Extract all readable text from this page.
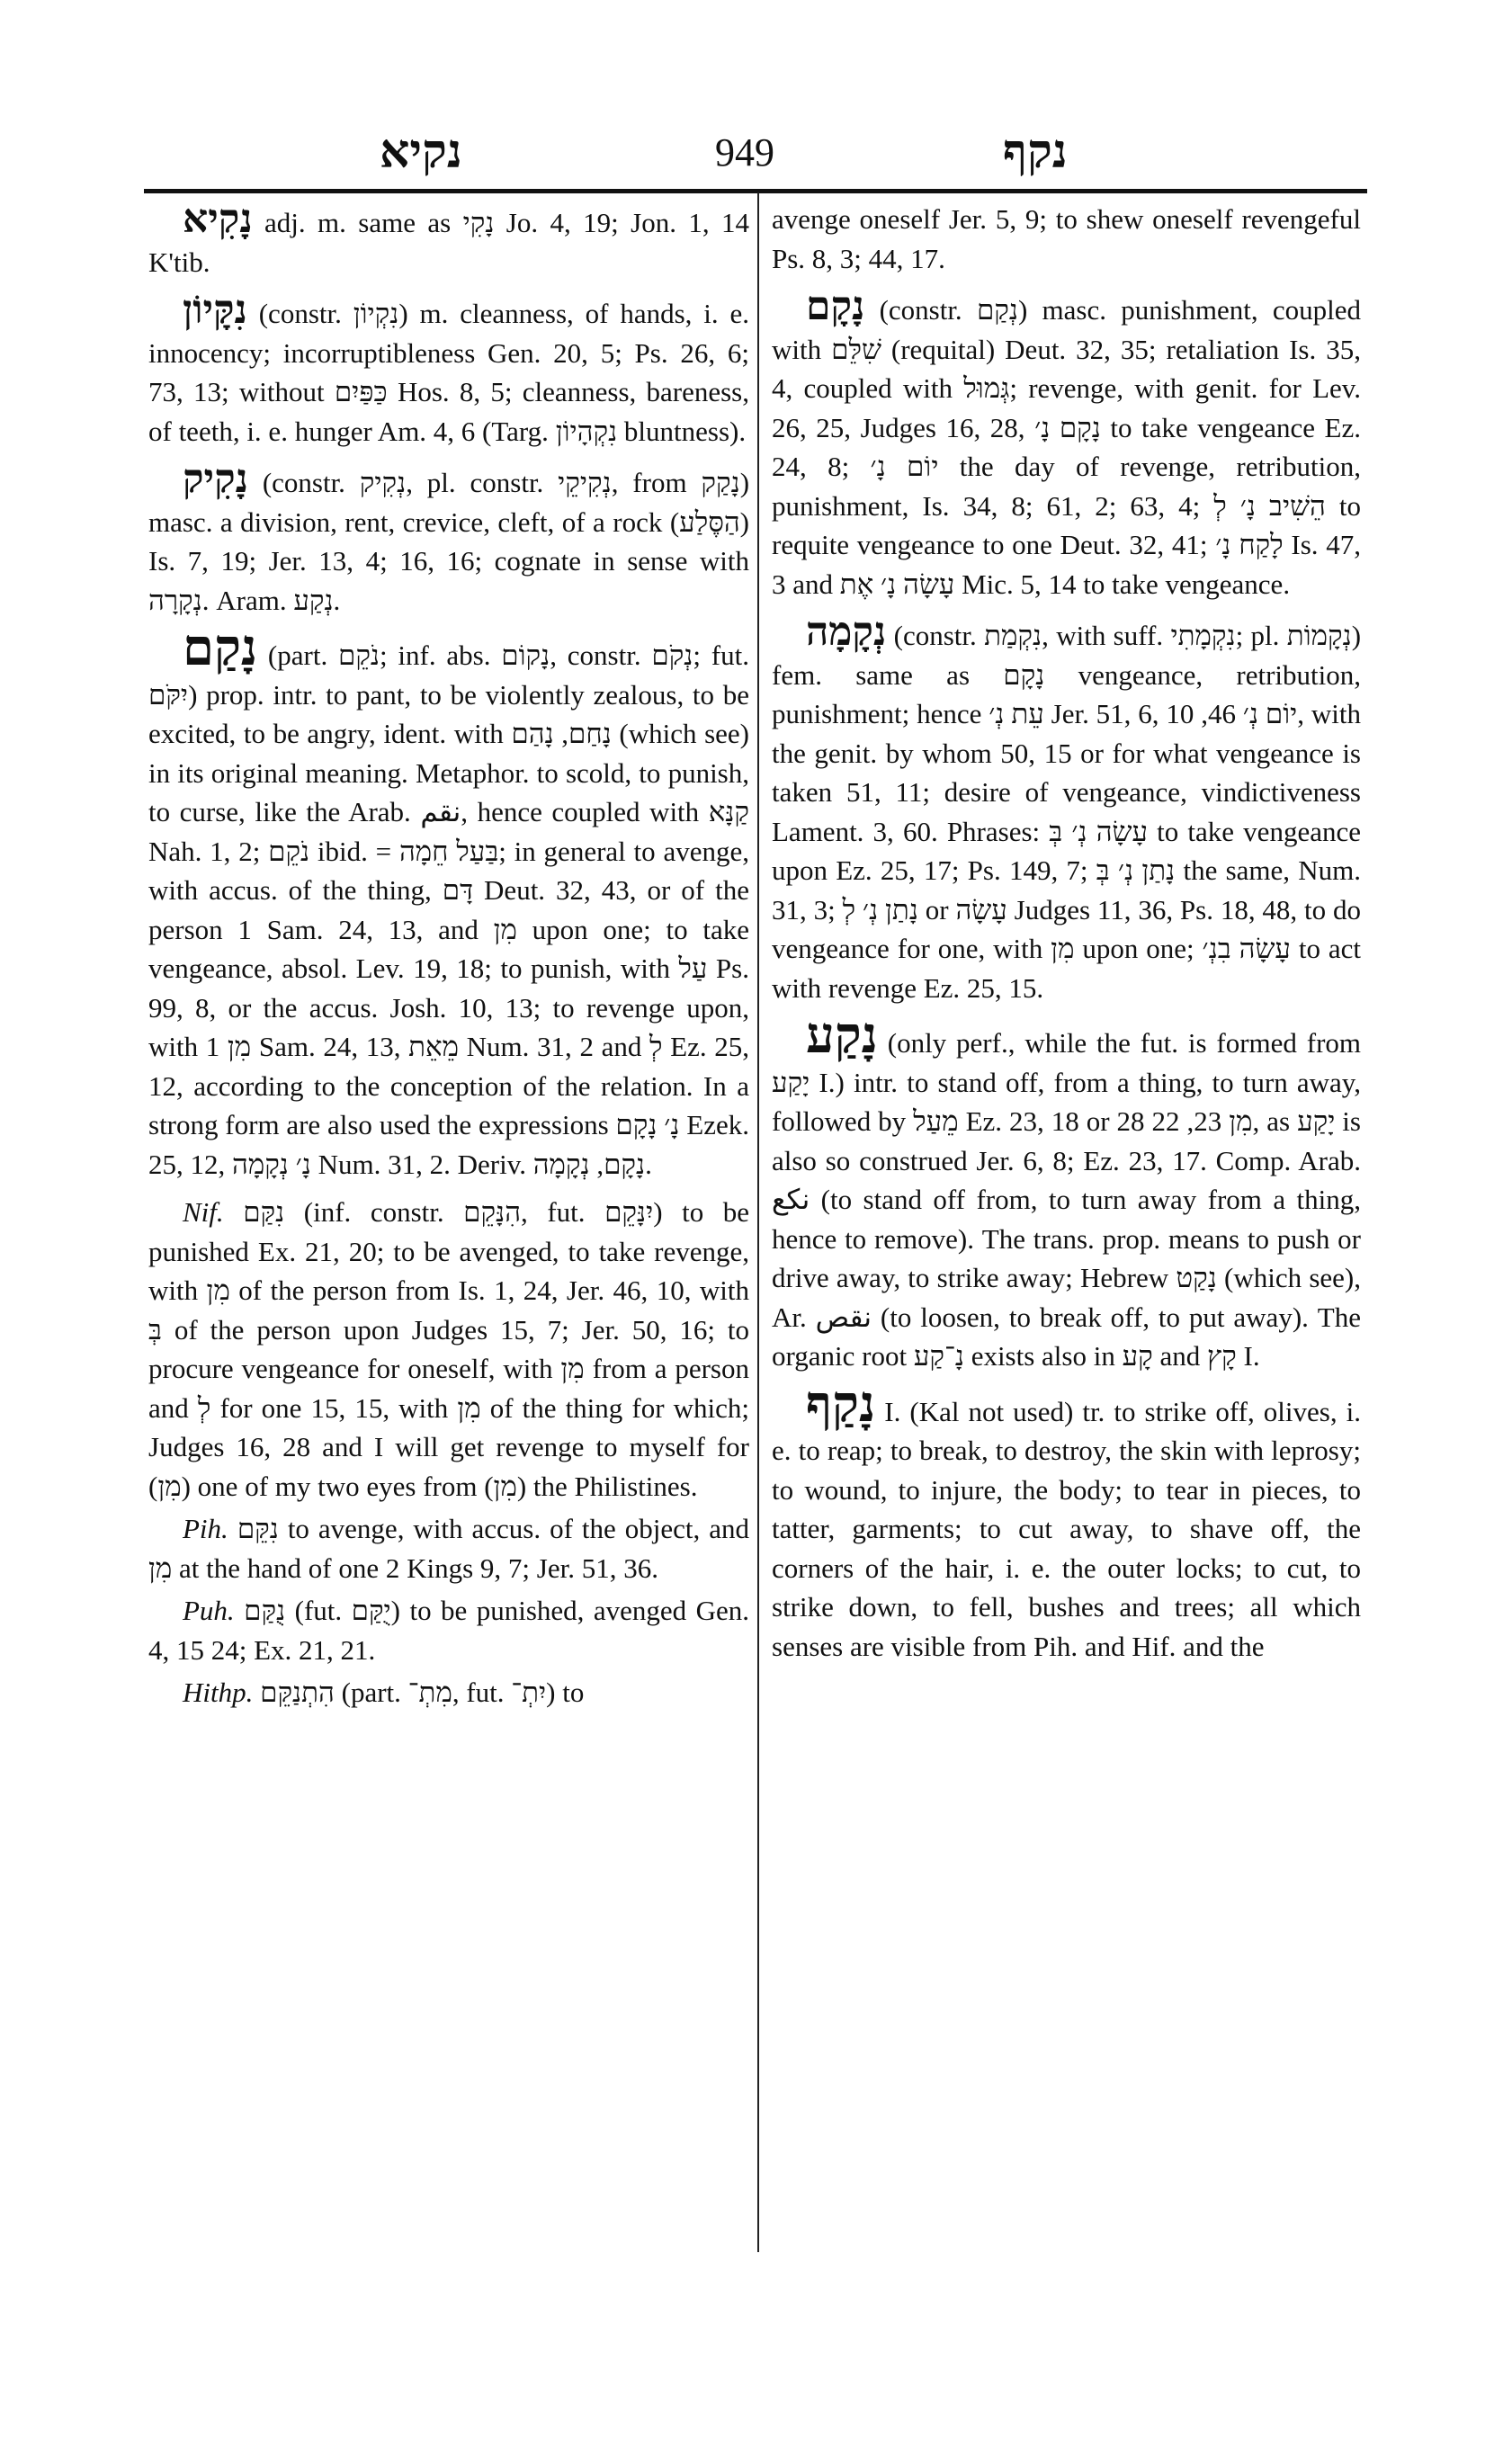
נקיא	949	נקף

נָקִיא adj. m. same as נָקִי Jo. 4, 19; Jon. 1, 14 K'tib.

נִקָּיוֹן (constr. נִקְיוֹן) m. cleanness, of hands, i. e. innocency; incorruptibleness Gen. 20, 5; Ps. 26, 6; 73, 13; without כַּפַּיִם Hos. 8, 5; cleanness, bareness, of teeth, i. e. hunger Am. 4, 6 (Targ. נִקְהָיוֹן bluntness).

נָקִיק (constr. נְקִיק, pl. constr. נְקִיקֵי, from נָקַק) masc. a division, rent, crevice, cleft, of a rock (הַסֶּלַע) Is. 7, 19; Jer. 13, 4; 16, 16; cognate in sense with נְקָרָה. Aram. נְקַע.

נָקַם (part. נֹקֵם; inf. abs. נָקוֹם, constr. נְקֹם; fut. יִקֹּם) prop. intr. to pant, to be violently zealous, to be excited, to be angry, ident. with נָחַם, נָהַם (which see) in its original meaning. Metaphor. to scold, to punish, to curse, like the Arab. نقم, hence coupled with קַנָּא Nah. 1, 2; נֹקֵם ibid. = בַּעַל חֵמָה; in general to avenge, with accus. of the thing, דָּם Deut. 32, 43, or of the person 1 Sam. 24, 13, and מִן upon one; to take vengeance, absol. Lev. 19, 18; to punish, with עַל Ps. 99, 8, or the accus. Josh. 10, 13; to revenge upon, with מִן 1 Sam. 24, 13, מֵאֵת Num. 31, 2 and לְ Ez. 25, 12, according to the conception of the relation. In a strong form are also used the expressions נָ׳ נָקָם Ezek. 25, 12, נָ׳ נְקָמָה Num. 31, 2. Deriv. נָקָם, נְקָמָה.

Nif. נִקַּם (inf. constr. הִנָּקֵם, fut. יִנָּקֵם) to be punished Ex. 21, 20; to be avenged, to take revenge, with מִן of the person from Is. 1, 24, Jer. 46, 10, with בְּ of the person upon Judges 15, 7; Jer. 50, 16; to procure vengeance for oneself, with מִן from a person and לְ for one 15, 15, with מִן of the thing for which; Judges 16, 28 and I will get revenge to myself for (מִן) one of my two eyes from (מִן) the Philistines.

Pih. נִקֵּם to avenge, with accus. of the object, and מִן at the hand of one 2 Kings 9, 7; Jer. 51, 36.

Puh. נֻקַּם (fut. יֻקַּם) to be punished, avenged Gen. 4, 15 24; Ex. 21, 21.

Hithp. הִתְנַקֵּם (part. מִתְ־, fut. יִתְ־) to

avenge oneself Jer. 5, 9; to shew oneself revengeful Ps. 8, 3; 44, 17.

נָקָם (constr. נְקַם) masc. punishment, coupled with שִׁלֵּם (requital) Deut. 32, 35; retaliation Is. 35, 4, coupled with גְּמוּל; revenge, with genit. for Lev. 26, 25, Judges 16, 28, נָקָם נָ׳ to take vengeance Ez. 24, 8; יוֹם נָ׳ the day of revenge, retribution, punishment, Is. 34, 8; 61, 2; 63, 4; הֵשִׁיב נָ׳ לְ to requite vengeance to one Deut. 32, 41; לָקַח נָ׳ Is. 47, 3 and עָשָׂה נָ׳ אֶת Mic. 5, 14 to take vengeance.

נְקָמָה (constr. נִקְמַת, with suff. נִקְמָתִי; pl. נְקָמוֹת) fem. same as נָקָם vengeance, retribution, punishment; hence עֵת נְ׳ Jer. 51, 6, יוֹם נְ׳ 46, 10, with the genit. by whom 50, 15 or for what vengeance is taken 51, 11; desire of vengeance, vindictiveness Lament. 3, 60. Phrases: עָשָׂה נְ׳ בְּ to take vengeance upon Ez. 25, 17; Ps. 149, 7; נָתַן נְ׳ בְּ the same, Num. 31, 3; נָתַן נְ׳ לְ or עָשָׂה Judges 11, 36, Ps. 18, 48, to do vengeance for one, with מִן upon one; עָשָׂה בִנְ׳ to act with revenge Ez. 25, 15.

נָקַע (only perf., while the fut. is formed from יָקַע I.) intr. to stand off, from a thing, to turn away, followed by מֵעַל Ez. 23, 18 or מִן 23, 22 28, as יָקַע is also so construed Jer. 6, 8; Ez. 23, 17. Comp. Arab. نكع (to stand off from, to turn away from a thing, hence to remove). The trans. prop. means to push or drive away, to strike away; Hebrew נָקַט (which see), Ar. نقص (to loosen, to break off, to put away). The organic root נָ־קַע exists also in קָע and קָץ I.

נָקַף I. (Kal not used) tr. to strike off, olives, i. e. to reap; to break, to destroy, the skin with leprosy; to wound, to injure, the body; to tear in pieces, to tatter, garments; to cut away, to shave off, the corners of the hair, i. e. the outer locks; to cut, to strike down, to fell, bushes and trees; all which senses are visible from Pih. and Hif. and the
